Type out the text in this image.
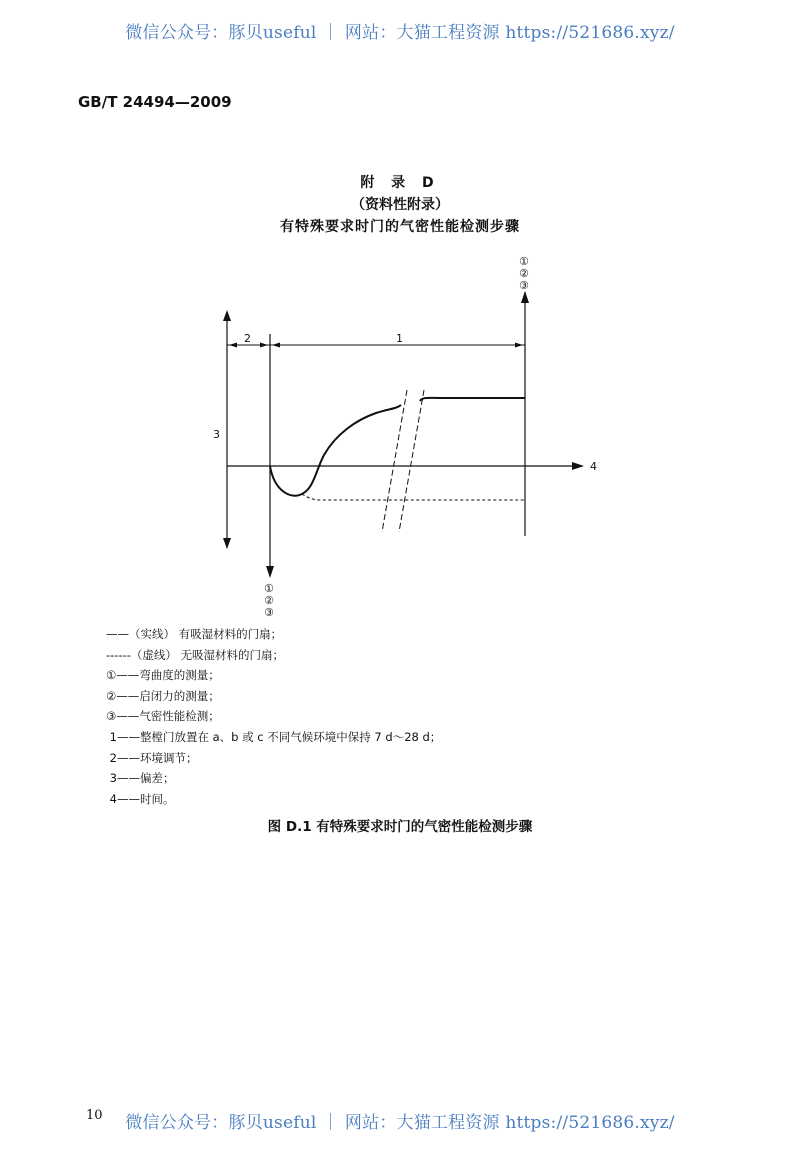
微信公众号：豚贝useful ｜ 网站：大猫工程资源 https://521686.xyz/
GB/T 24494—2009
附 录 D
（资料性附录）
有特殊要求时门的气密性能检测步骤
2	1
3
4
①
②
③
①
②
③
——（实线） 有吸湿材料的门扇；
------（虚线） 无吸湿材料的门扇；
①——弯曲度的测量；
②——启闭力的测量；
③——气密性能检测；
1——整樘门放置在 a、b 或 c 不同气候环境中保持 7 d～28 d；
2——环境调节；
3——偏差；
4——时间。
图 D.1 有特殊要求时门的气密性能检测步骤
10	微信公众号：豚贝useful ｜ 网站：大猫工程资源 https://521686.xyz/
